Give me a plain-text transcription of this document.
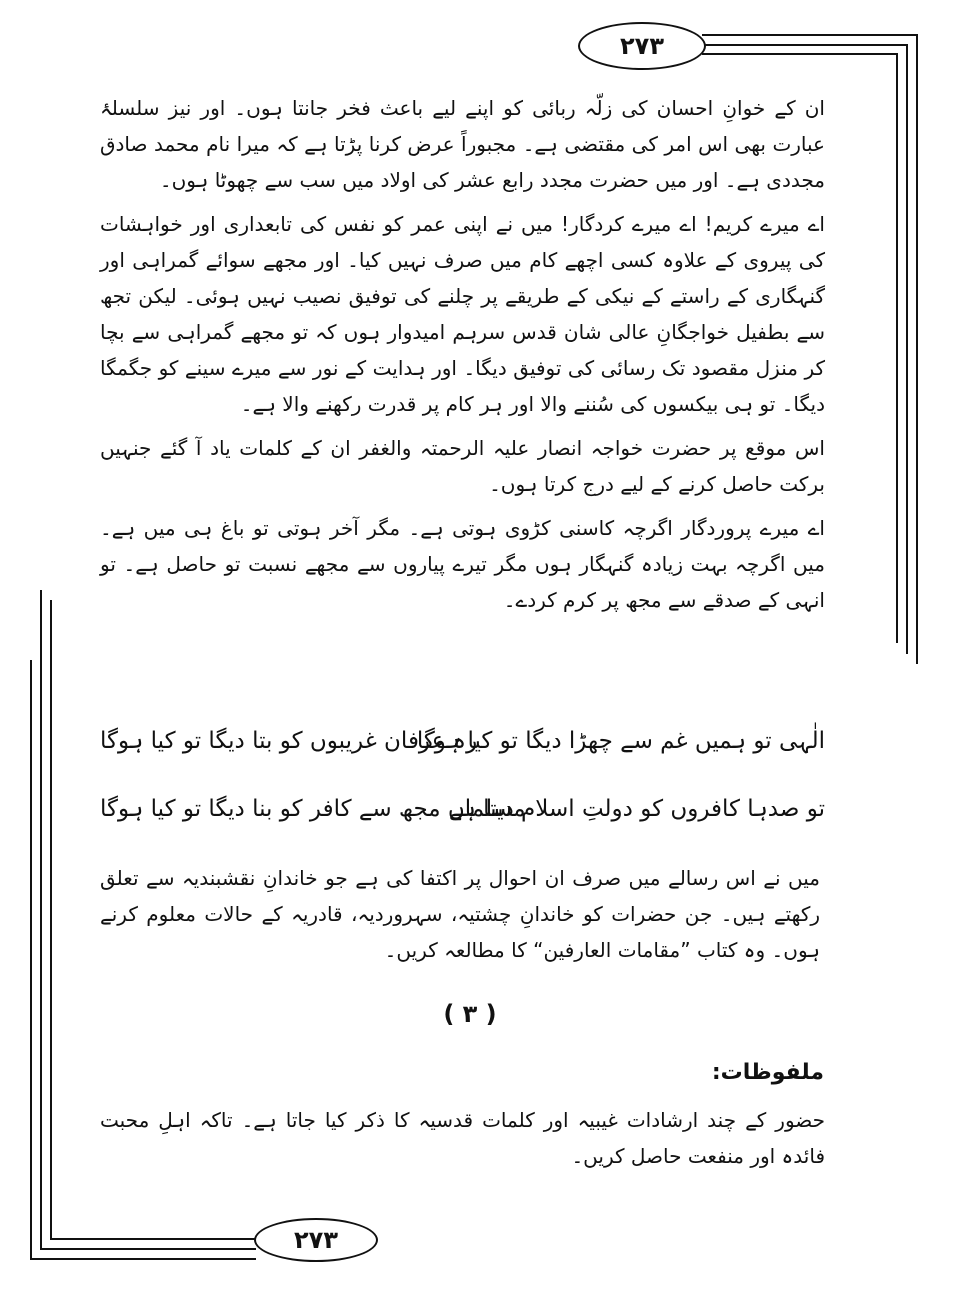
۲۷۳
۲۷۳

ان کے خوانِ احسان کی زلّہ ربائی کو اپنے لیے باعث فخر جانتا ہوں۔ اور نیز سلسلۂ عبارت بھی اس امر کی مقتضی ہے۔ مجبوراً عرض کرنا پڑتا ہے کہ میرا نام محمد صادق مجددی ہے۔ اور میں حضرت مجدد رابع عشر کی اولاد میں سب سے چھوٹا ہوں۔

اے میرے کریم! اے میرے کردگار! میں نے اپنی عمر کو نفس کی تابعداری اور خواہشات کی پیروی کے علاوہ کسی اچھے کام میں صرف نہیں کیا۔ اور مجھے سوائے گمراہی اور گنہگاری کے راستے کے نیکی کے طریقے پر چلنے کی توفیق نصیب نہیں ہوئی۔ لیکن تجھ سے بطفیل خواجگانِ عالی شان قدس سرہم امیدوار ہوں کہ تو مجھے گمراہی سے بچا کر منزل مقصود تک رسائی کی توفیق دیگا۔ اور ہدایت کے نور سے میرے سینے کو جگمگا دیگا۔ تو ہی بیکسوں کی سُننے والا اور ہر کام پر قدرت رکھنے والا ہے۔

اس موقع پر حضرت خواجہ انصار علیہ الرحمتہ والغفر ان کے کلمات یاد آ گئے جنہیں برکت حاصل کرنے کے لیے درج کرتا ہوں۔

اے میرے پروردگار اگرچہ کاسنی کڑوی ہوتی ہے۔ مگر آخر ہوتی تو باغ ہی میں ہے۔ میں اگرچہ بہت زیادہ گنہگار ہوں مگر تیرے پیاروں سے مجھے نسبت تو حاصل ہے۔ تو انہی کے صدقے سے مجھ پر کرم کردے۔

الٰہی تو ہمیں غم سے چھڑا دیگا تو کیا ہوگا
رہ عرفان غریبوں کو بتا دیگا تو کیا ہوگا
تو صدہا کافروں کو دولتِ اسلام دیتا ہے
مسلماں مجھ سے کافر کو بنا دیگا تو کیا ہوگا

میں نے اس رسالے میں صرف ان احوال پر اکتفا کی ہے جو خاندانِ نقشبندیہ سے تعلق رکھتے ہیں۔ جن حضرات کو خاندانِ چشتیہ، سہروردیہ، قادریہ کے حالات معلوم کرنے ہوں۔ وہ کتاب ”مقامات العارفین“ کا مطالعہ کریں۔

( ۳ )
ملفوظات:

حضور کے چند ارشادات غیبیہ اور کلمات قدسیہ کا ذکر کیا جاتا ہے۔ تاکہ اہلِ محبت فائدہ اور منفعت حاصل کریں۔
